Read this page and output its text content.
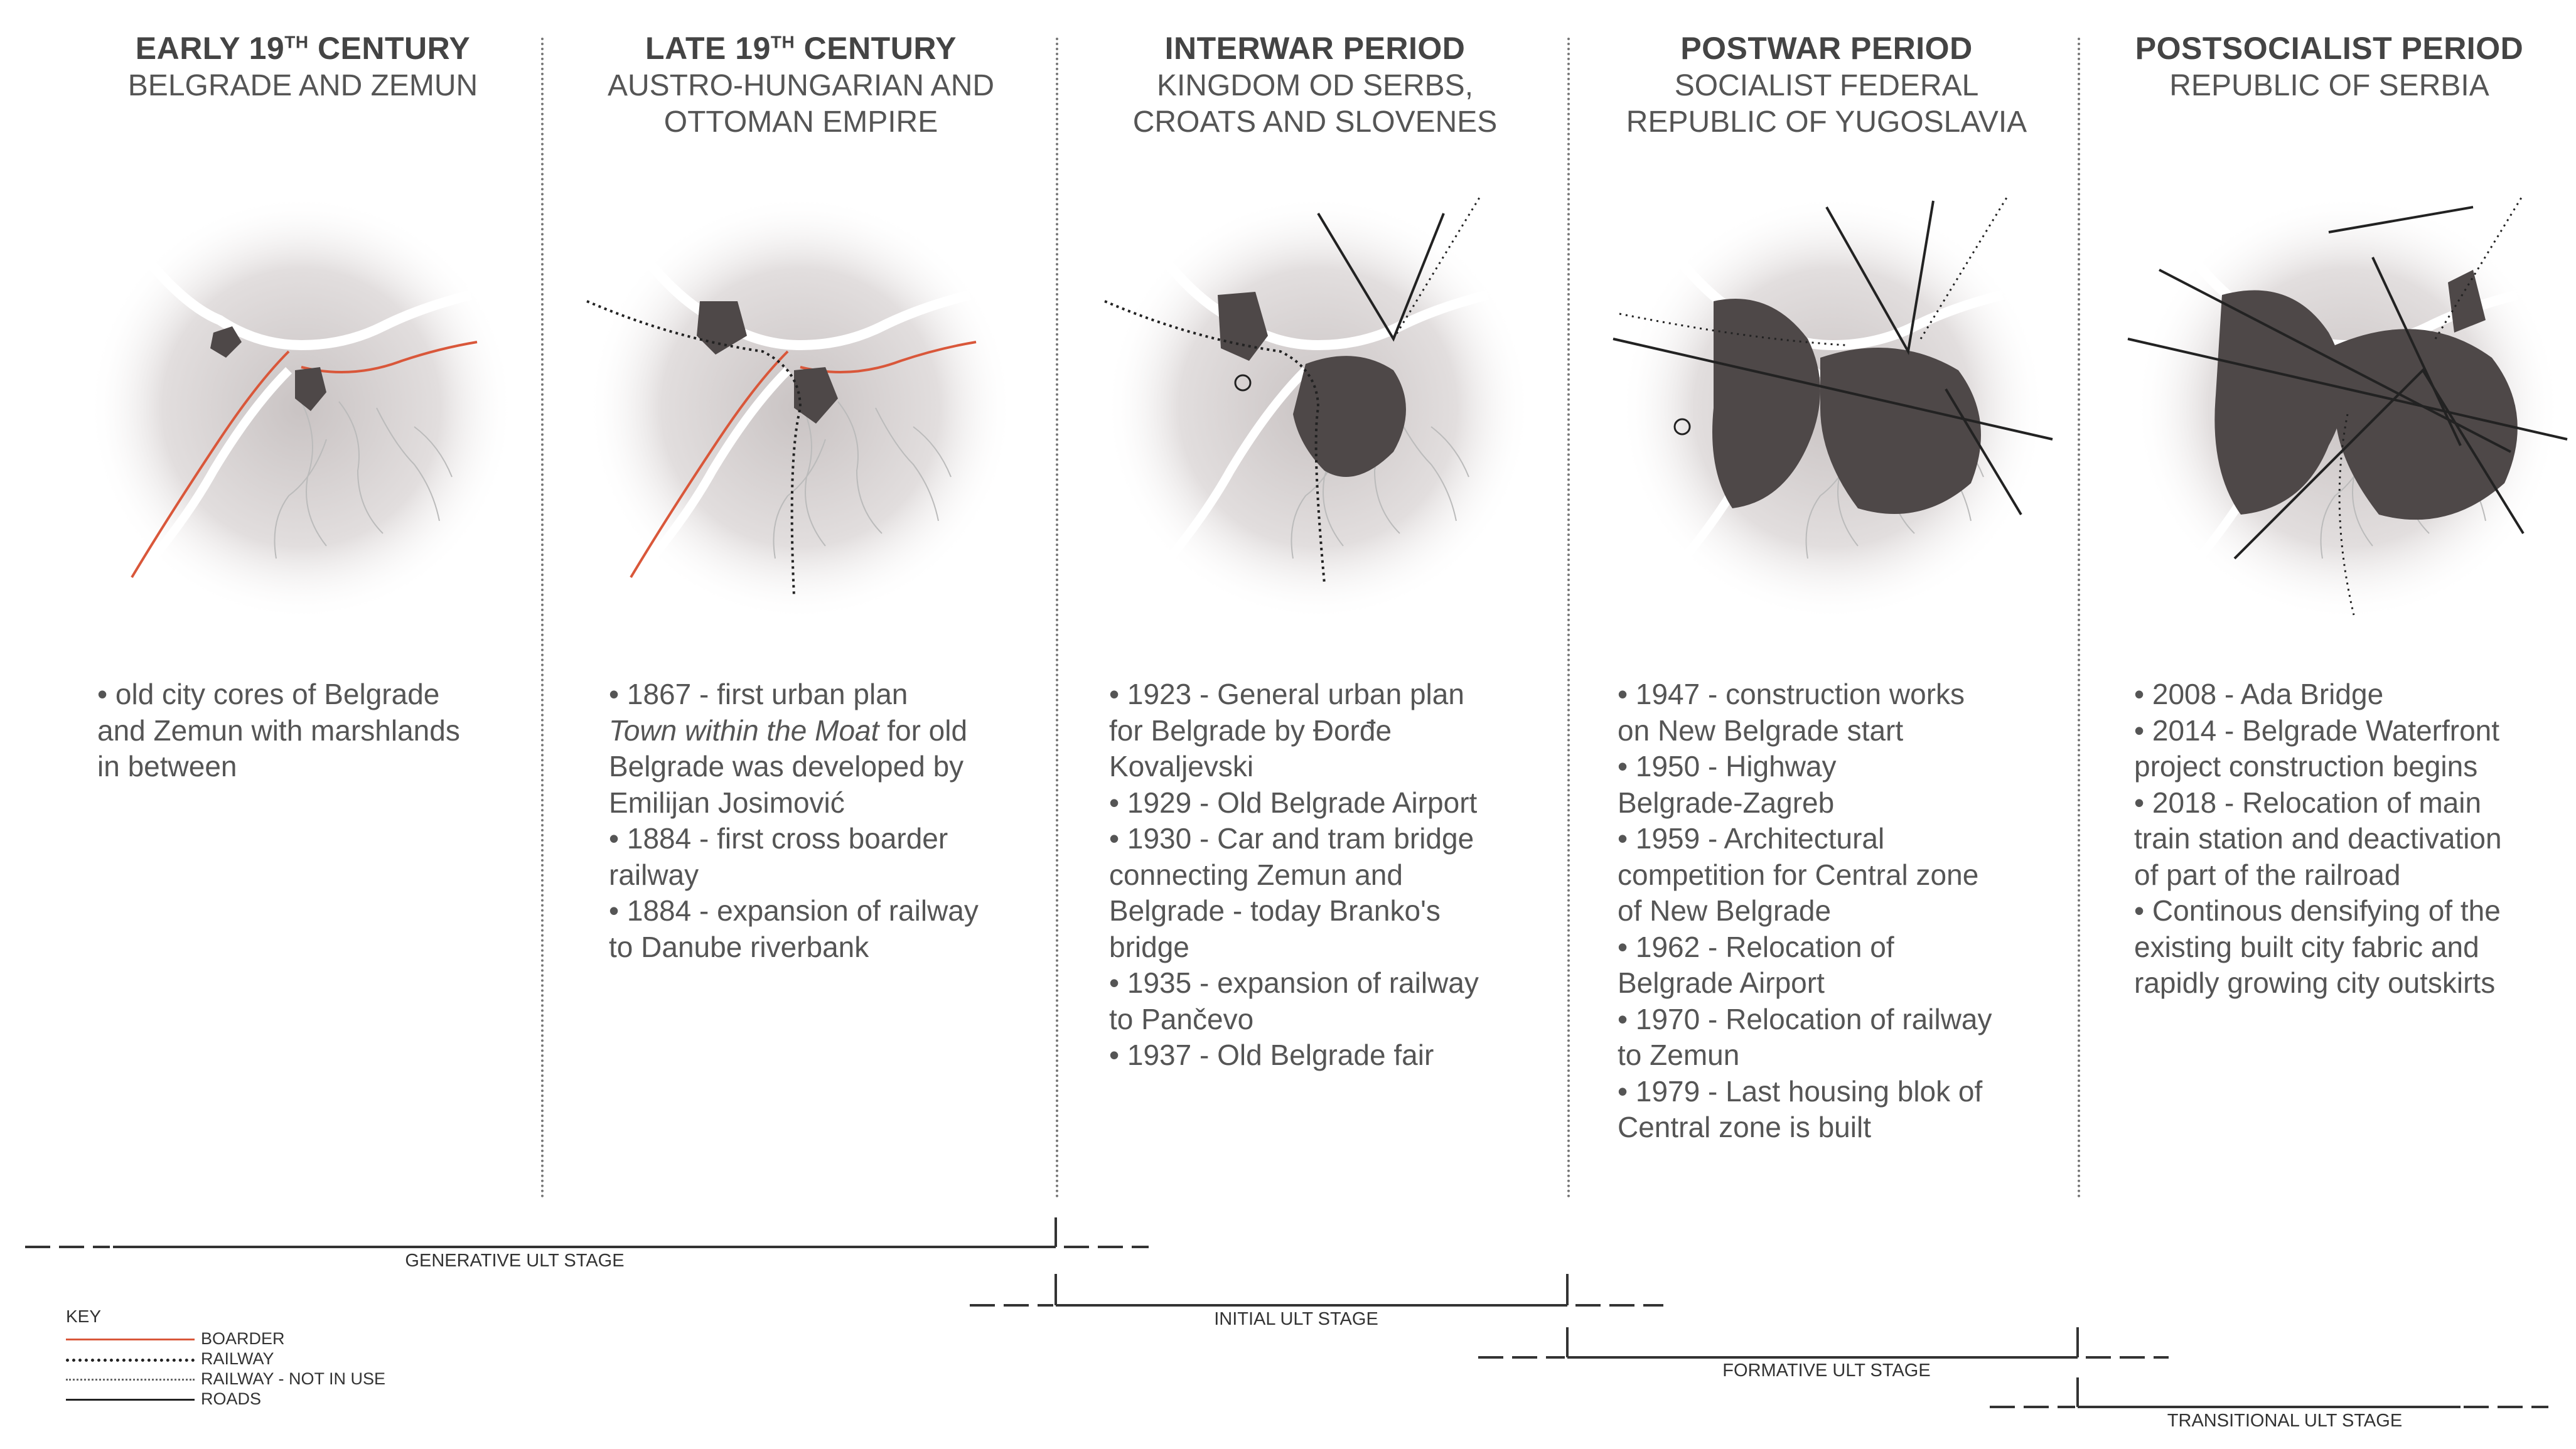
EARLY 19TH CENTURY
BELGRADE AND ZEMUN
• old city cores of Belgrade
and Zemun with marshlands
in between
LATE 19TH CENTURY
AUSTRO-HUNGARIAN AND
OTTOMAN EMPIRE
• 1867 - first urban plan
Town within the Moat for old
Belgrade was developed by
Emilijan Josimović
• 1884 - first cross boarder
railway
• 1884 - expansion of railway
to Danube riverbank
INTERWAR PERIOD
KINGDOM OD SERBS,
CROATS AND SLOVENES
• 1923 - General urban plan
for Belgrade by Đorđe
Kovaljevski
• 1929 - Old Belgrade Airport
• 1930 - Car and tram bridge
connecting Zemun and
Belgrade - today Branko's
bridge
• 1935 - expansion of railway
to Pančevo
• 1937 - Old Belgrade fair
POSTWAR PERIOD
SOCIALIST FEDERAL
REPUBLIC OF YUGOSLAVIA
• 1947 - construction works
on New Belgrade start
• 1950 - Highway
Belgrade-Zagreb
• 1959 - Architectural
competition for Central zone
of New Belgrade
• 1962 - Relocation of
Belgrade Airport
• 1970 - Relocation of railway
to Zemun
• 1979 - Last housing blok of
Central zone is built
POSTSOCIALIST PERIOD
REPUBLIC OF SERBIA
• 2008 - Ada Bridge
• 2014 - Belgrade Waterfront
project construction begins
• 2018 - Relocation of main
train station and deactivation
of part of the railroad
• Continous densifying of the
existing built city fabric and
rapidly growing city outskirts
GENERATIVE ULT STAGE
INITIAL ULT STAGE
FORMATIVE ULT STAGE
TRANSITIONAL ULT STAGE
KEY
BOARDER
RAILWAY
RAILWAY - NOT IN USE
ROADS
